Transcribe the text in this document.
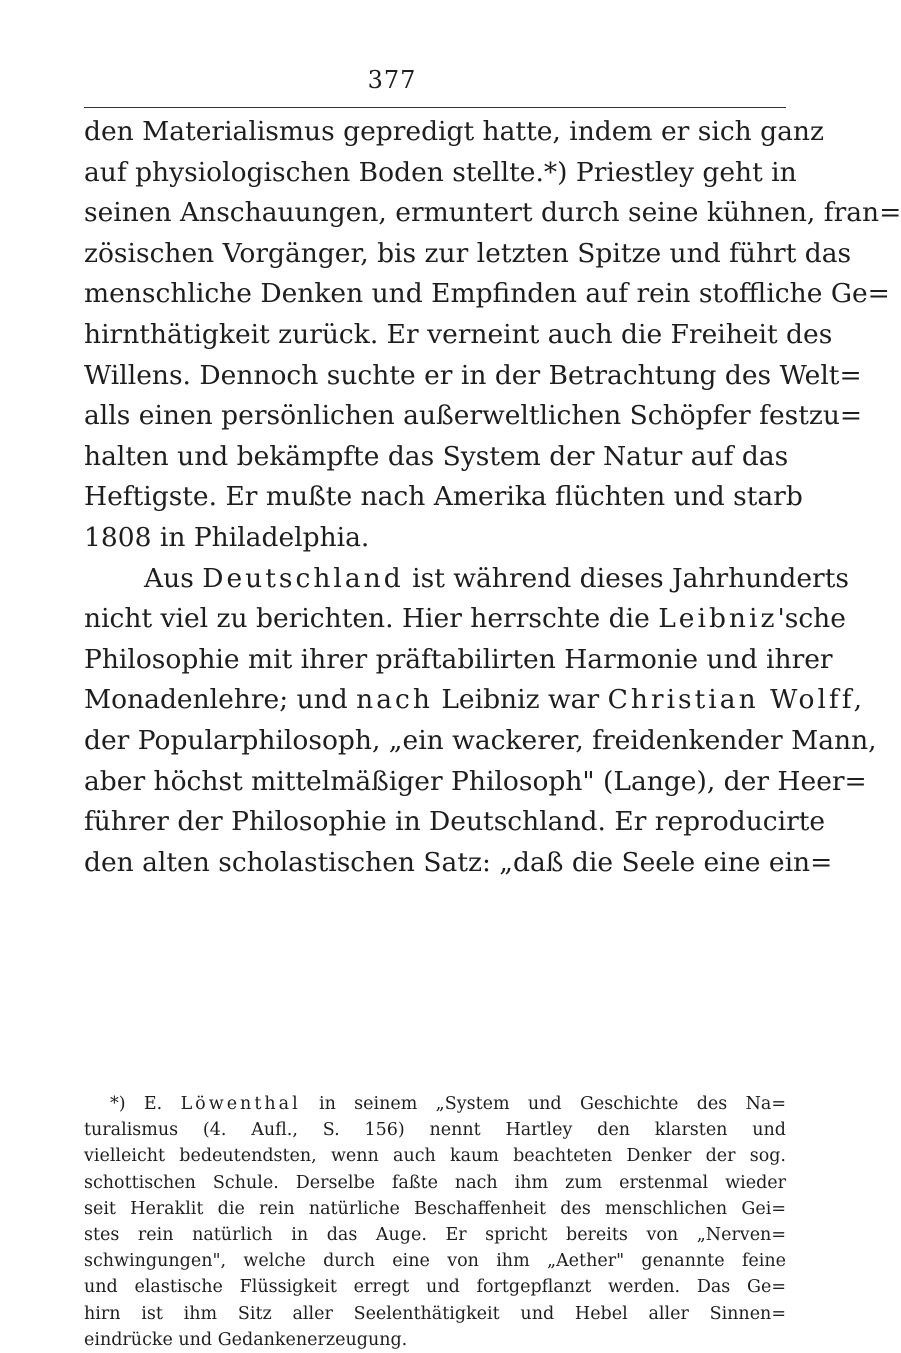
377
den Materialismus gepredigt hatte, indem er sich ganz
auf physiologischen Boden stellte.*) Priestley geht in
seinen Anschauungen, ermuntert durch seine kühnen, fran=
zösischen Vorgänger, bis zur letzten Spitze und führt das
menschliche Denken und Empfinden auf rein stoffliche Ge=
hirnthätigkeit zurück. Er verneint auch die Freiheit des
Willens. Dennoch suchte er in der Betrachtung des Welt=
alls einen persönlichen außerweltlichen Schöpfer festzu=
halten und bekämpfte das System der Natur auf das
Heftigste. Er mußte nach Amerika flüchten und starb
1808 in Philadelphia.
Aus Deutschland ist während dieses Jahrhunderts
nicht viel zu berichten. Hier herrschte die Leibniz'sche
Philosophie mit ihrer präftabilirten Harmonie und ihrer
Monadenlehre; und nach Leibniz war Christian Wolff,
der Popularphilosoph, „ein wackerer, freidenkender Mann,
aber höchst mittelmäßiger Philosoph" (Lange), der Heer=
führer der Philosophie in Deutschland. Er reproducirte
den alten scholastischen Satz: „daß die Seele eine ein=
*) E. Löwenthal in seinem „System und Geschichte des Na=
turalismus (4. Aufl., S. 156) nennt Hartley den klarsten und
vielleicht bedeutendsten, wenn auch kaum beachteten Denker der sog.
schottischen Schule. Derselbe faßte nach ihm zum erstenmal wieder
seit Heraklit die rein natürliche Beschaffenheit des menschlichen Gei=
stes rein natürlich in das Auge. Er spricht bereits von „Nerven=
schwingungen", welche durch eine von ihm „Aether" genannte feine
und elastische Flüssigkeit erregt und fortgepflanzt werden. Das Ge=
hirn ist ihm Sitz aller Seelenthätigkeit und Hebel aller Sinnen=
eindrücke und Gedankenerzeugung.
